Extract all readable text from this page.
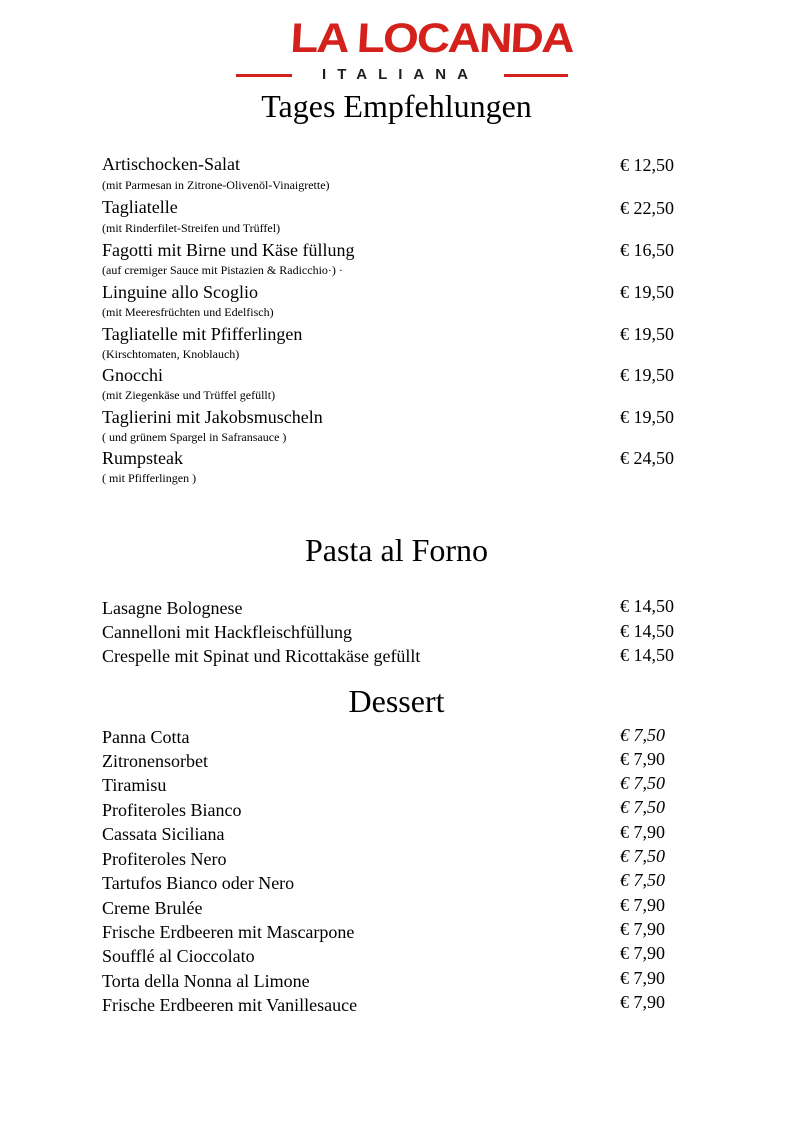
LA LOCANDA
ITALIANA
Tages Empfehlungen
Artischocken-Salat
(mit Parmesan in Zitrone-Olivenöl-Vinaigrette)
€ 12,50
Tagliatelle
(mit Rinderfilet-Streifen und Trüffel)
€ 22,50
Fagotti mit Birne und Käse füllung
(auf cremiger Sauce mit Pistazien & Radicchio·) ·
€ 16,50
Linguine allo Scoglio
(mit Meeresfrüchten und Edelfisch)
€ 19,50
Tagliatelle mit Pfifferlingen
(Kirschtomaten, Knoblauch)
€ 19,50
Gnocchi
(mit Ziegenkäse und Trüffel gefüllt)
€ 19,50
Taglierini mit Jakobsmuscheln
( und grünem Spargel in Safransauce )
€ 19,50
Rumpsteak
( mit Pfifferlingen )
€ 24,50
Pasta al Forno
Lasagne Bolognese	€ 14,50
Cannelloni mit Hackfleischfüllung	€ 14,50
Crespelle mit Spinat und Ricottakäse gefüllt	€ 14,50
Dessert
Panna Cotta	€ 7,50
Zitronensorbet	€ 7,90
Tiramisu	€ 7,50
Profiteroles Bianco	€ 7,50
Cassata Siciliana	€ 7,90
Profiteroles Nero	€ 7,50
Tartufos Bianco oder Nero	€ 7,50
Creme Brulée	€ 7,90
Frische Erdbeeren mit Mascarpone	€ 7,90
Soufflé al Cioccolato	€ 7,90
Torta della Nonna al Limone	€ 7,90
Frische Erdbeeren mit Vanillesauce	€ 7,90
